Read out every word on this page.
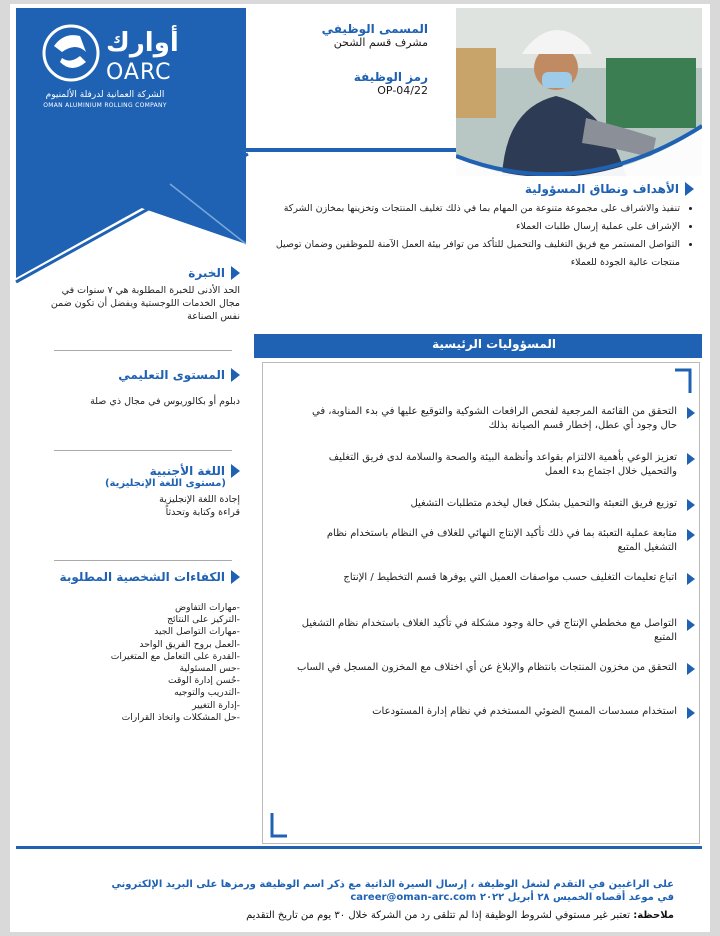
أوارك
OARC
الشركة العمانية لدرفلة الألمنيوم
OMAN ALUMINIUM ROLLING COMPANY
المسمى الوظيفي
مشرف قسم الشحن
رمز الوظيفة
OP-04/22
الأهداف ونطاق المسؤولية
• تنفيذ والاشراف على مجموعة متنوعة من المهام بما في ذلك تغليف المنتجات وتخزينها بمخازن الشركة
• الإشراف على عملية إرسال طلبات العملاء
• التواصل المستمر مع فريق التغليف والتحميل للتأكد من توافر بيئة العمل الآمنة للموظفين وضمان توصيل منتجات عالية الجودة للعملاء
الخبرة
الحد الأدنى للخبرة المطلوبة هي ٧ سنوات في مجال الخدمات اللوجستية ويفضل أن تكون ضمن نفس الصناعة
المستوى التعليمي
دبلوم أو بكالوريوس في مجال ذي صلة
اللغة الأجنبية
(مستوى اللغة الإنجليزية)
إجادة اللغة الإنجليزية
قراءة وكتابة وتحدثاً
الكفاءات الشخصية المطلوبة
-مهارات التفاوض
-التركيز على النتائج
-مهارات التواصل الجيد
-العمل بروح الفريق الواحد
-القدرة على التعامل مع المتغيرات
-حس المسئولية
-حُسن إدارة الوقت
-التدريب والتوجيه
-إدارة التغيير
-حل المشكلات واتخاذ القرارات
المسؤوليات الرئيسية
التحقق من القائمة المرجعية لفحص الرافعات الشوكية والتوقيع عليها في بدء المناوبة، في حال وجود أي عطل، إخطار قسم الصيانة بذلك
تعزيز الوعي بأهمية الالتزام بقواعد وأنظمة البيئة والصحة والسلامة لدى فريق التغليف والتحميل خلال اجتماع بدء العمل
توزيع فريق التعبئة والتحميل بشكل فعال ليخدم متطلبات التشغيل
متابعة عملية التعبئة بما في ذلك تأكيد الإنتاج النهائي للغلاف في النظام باستخدام نظام التشغيل المتبع
اتباع تعليمات التغليف حسب مواصفات العميل التي يوفرها قسم التخطيط / الإنتاج
التواصل مع مخططي الإنتاج في حالة وجود مشكلة في تأكيد الغلاف باستخدام نظام التشغيل المتبع
التحقق من مخزون المنتجات بانتظام والإبلاغ عن أي اختلاف مع المخزون المسجل في الساب
استخدام مسدسات المسح الضوئي المستخدم في نظام إدارة المستودعات
على الراغبين في التقدم لشغل الوظيفة ، إرسال السيرة الذاتية مع ذكر اسم الوظيفة ورمزها على البريد الإلكتروني
في موعد أقصاه الخميس ٢٨ أبريل ٢٠٢٢ career@oman-arc.com
ملاحظة: تعتبر غير مستوفي لشروط الوظيفة إذا لم تتلقى رد من الشركة خلال ٣٠ يوم من تاريخ التقديم
